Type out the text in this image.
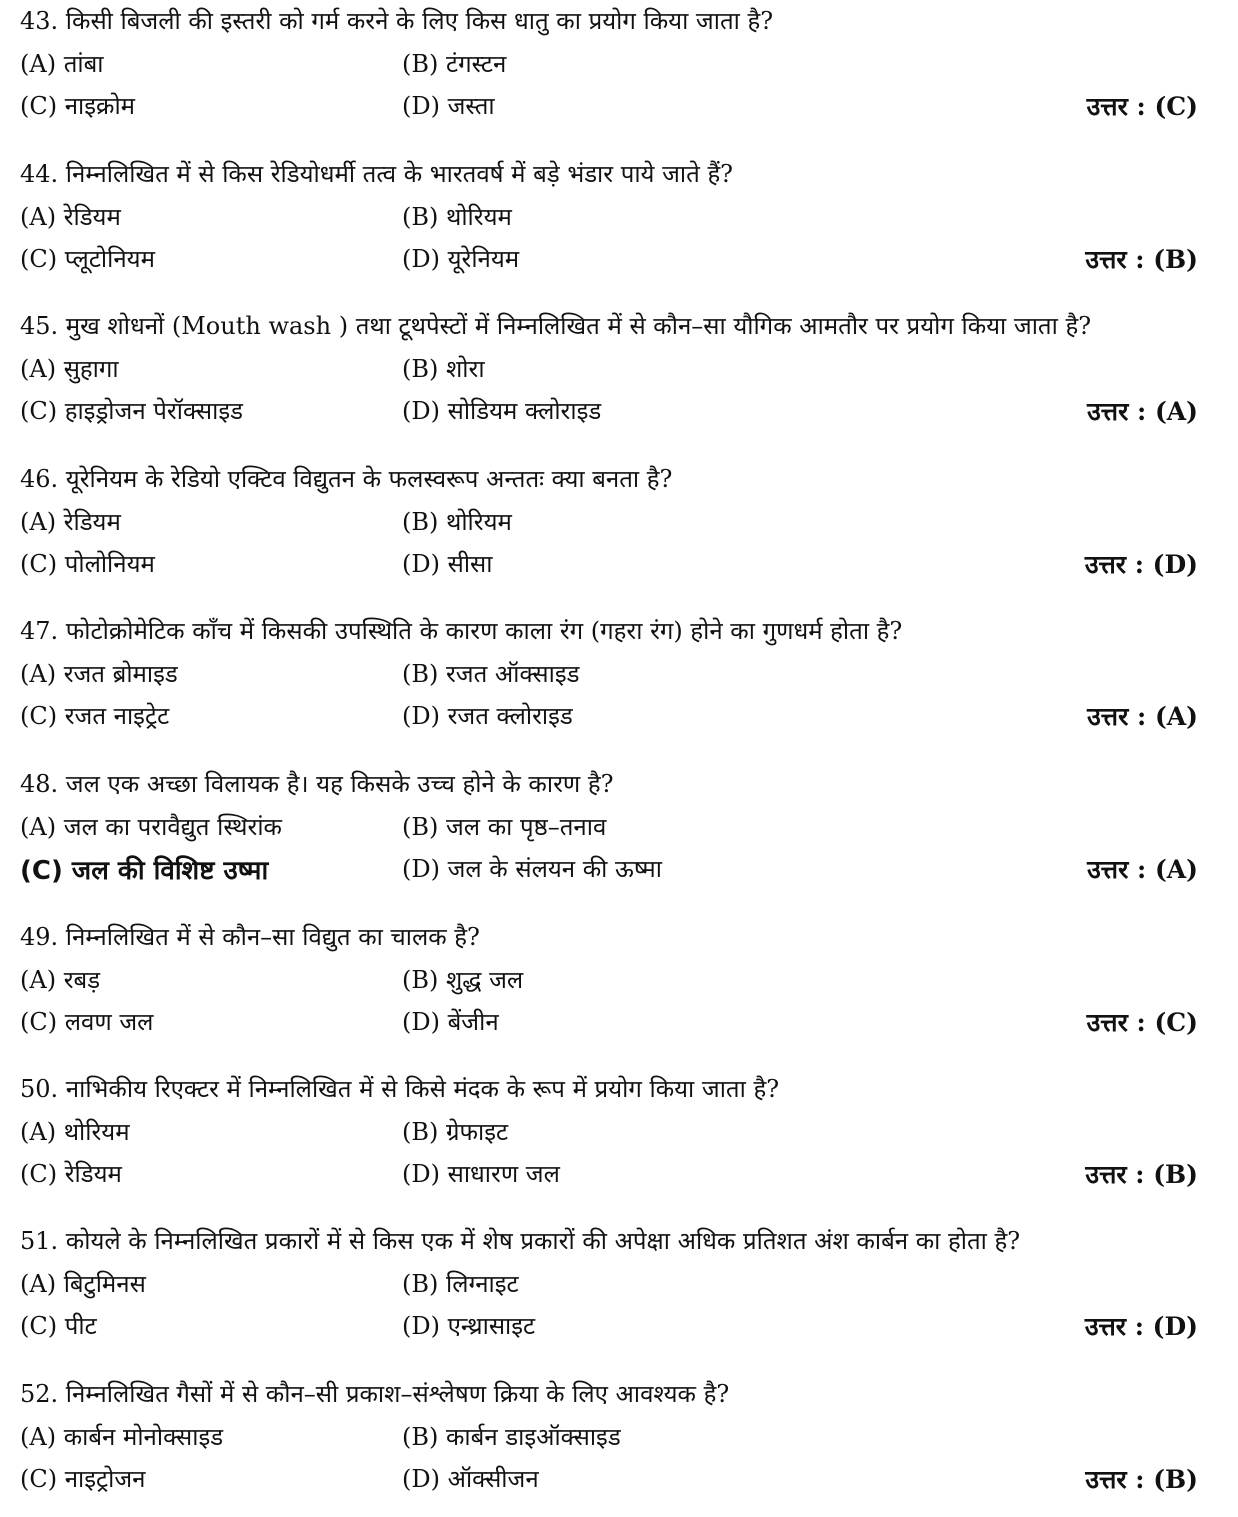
43. किसी बिजली की इस्तरी को गर्म करने के लिए किस धातु का प्रयोग किया जाता है?
(A) तांबा	(B) टंगस्टन
(C) नाइक्रोम	(D) जस्ता	उत्तर : (C)
44. निम्नलिखित में से किस रेडियोधर्मी तत्व के भारतवर्ष में बड़े भंडार पाये जाते हैं?
(A) रेडियम	(B) थोरियम
(C) प्लूटोनियम	(D) यूरेनियम	उत्तर : (B)
45. मुख शोधनों (Mouth wash ) तथा टूथपेस्टों में निम्नलिखित में से कौन–सा यौगिक आमतौर पर प्रयोग किया जाता है?
(A) सुहागा	(B) शोरा
(C) हाइड्रोजन पेरॉक्साइड	(D) सोडियम क्लोराइड	उत्तर : (A)
46. यूरेनियम के रेडियो एक्टिव विद्युतन के फलस्वरूप अन्ततः क्या बनता है?
(A) रेडियम	(B) थोरियम
(C) पोलोनियम	(D) सीसा	उत्तर : (D)
47. फोटोक्रोमेटिक काँच में किसकी उपस्थिति के कारण काला रंग (गहरा रंग) होने का गुणधर्म होता है?
(A) रजत ब्रोमाइड	(B) रजत ऑक्साइड
(C) रजत नाइट्रेट	(D) रजत क्लोराइड	उत्तर : (A)
48. जल एक अच्छा विलायक है। यह किसके उच्च होने के कारण है?
(A) जल का परावैद्युत स्थिरांक	(B) जल का पृष्ठ–तनाव
(C) जल की विशिष्ट उष्मा	(D) जल के संलयन की ऊष्मा	उत्तर : (A)
49. निम्नलिखित में से कौन–सा विद्युत का चालक है?
(A) रबड़	(B) शुद्ध जल
(C) लवण जल	(D) बेंजीन	उत्तर : (C)
50. नाभिकीय रिएक्टर में निम्नलिखित में से किसे मंदक के रूप में प्रयोग किया जाता है?
(A) थोरियम	(B) ग्रेफाइट
(C) रेडियम	(D) साधारण जल	उत्तर : (B)
51. कोयले के निम्नलिखित प्रकारों में से किस एक में शेष प्रकारों की अपेक्षा अधिक प्रतिशत अंश कार्बन का होता है?
(A) बिटुमिनस	(B) लिग्नाइट
(C) पीट	(D) एन्थ्रासाइट	उत्तर : (D)
52. निम्नलिखित गैसों में से कौन–सी प्रकाश–संश्लेषण क्रिया के लिए आवश्यक है?
(A) कार्बन मोनोक्साइड	(B) कार्बन डाइऑक्साइड
(C) नाइट्रोजन	(D) ऑक्सीजन	उत्तर : (B)
